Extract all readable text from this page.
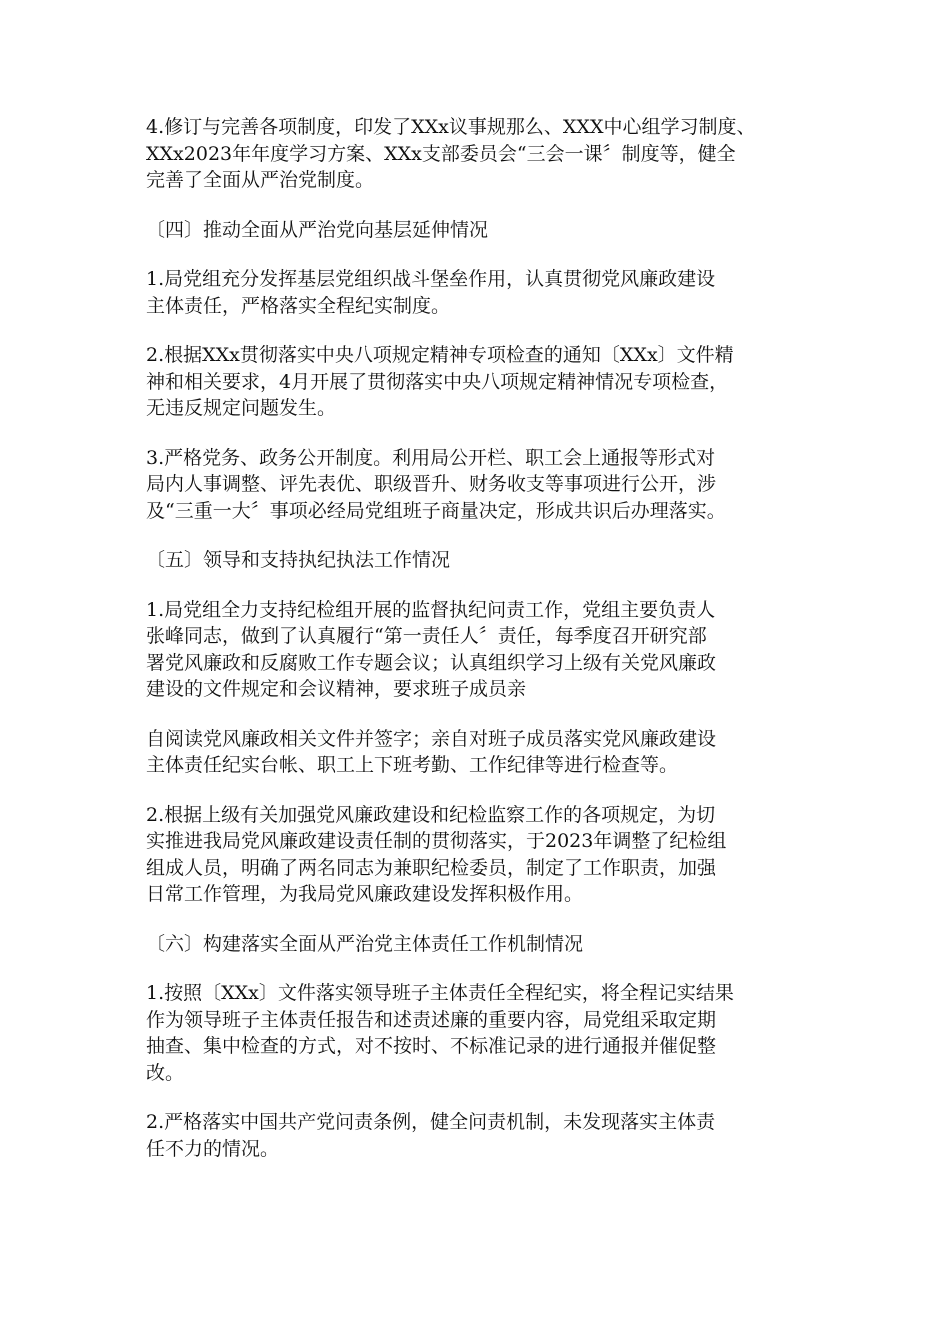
4.修订与完善各项制度，印发了XXx议事规那么、XXX中心组学习制度、
XXx2023年年度学习方案、XXx支部委员会“三会一课〞制度等，健全
完善了全面从严治党制度。

〔四〕推动全面从严治党向基层延伸情况

1.局党组充分发挥基层党组织战斗堡垒作用，认真贯彻党风廉政建设
主体责任，严格落实全程纪实制度。

2.根据XXx贯彻落实中央八项规定精神专项检查的通知〔XXx〕文件精
神和相关要求，4月开展了贯彻落实中央八项规定精神情况专项检查，
无违反规定问题发生。

3.严格党务、政务公开制度。利用局公开栏、职工会上通报等形式对
局内人事调整、评先表优、职级晋升、财务收支等事项进行公开，涉
及“三重一大〞事项必经局党组班子商量决定，形成共识后办理落实。

〔五〕领导和支持执纪执法工作情况

1.局党组全力支持纪检组开展的监督执纪问责工作，党组主要负责人
张峰同志，做到了认真履行“第一责任人〞责任，每季度召开研究部
署党风廉政和反腐败工作专题会议；认真组织学习上级有关党风廉政
建设的文件规定和会议精神，要求班子成员亲

自阅读党风廉政相关文件并签字；亲自对班子成员落实党风廉政建设
主体责任纪实台帐、职工上下班考勤、工作纪律等进行检查等。

2.根据上级有关加强党风廉政建设和纪检监察工作的各项规定，为切
实推进我局党风廉政建设责任制的贯彻落实，于2023年调整了纪检组
组成人员，明确了两名同志为兼职纪检委员，制定了工作职责，加强
日常工作管理，为我局党风廉政建设发挥积极作用。

〔六〕构建落实全面从严治党主体责任工作机制情况

1.按照〔XXx〕文件落实领导班子主体责任全程纪实，将全程记实结果
作为领导班子主体责任报告和述责述廉的重要内容，局党组采取定期
抽查、集中检查的方式，对不按时、不标准记录的进行通报并催促整
改。

2.严格落实中国共产党问责条例，健全问责机制，未发现落实主体责
任不力的情况。
